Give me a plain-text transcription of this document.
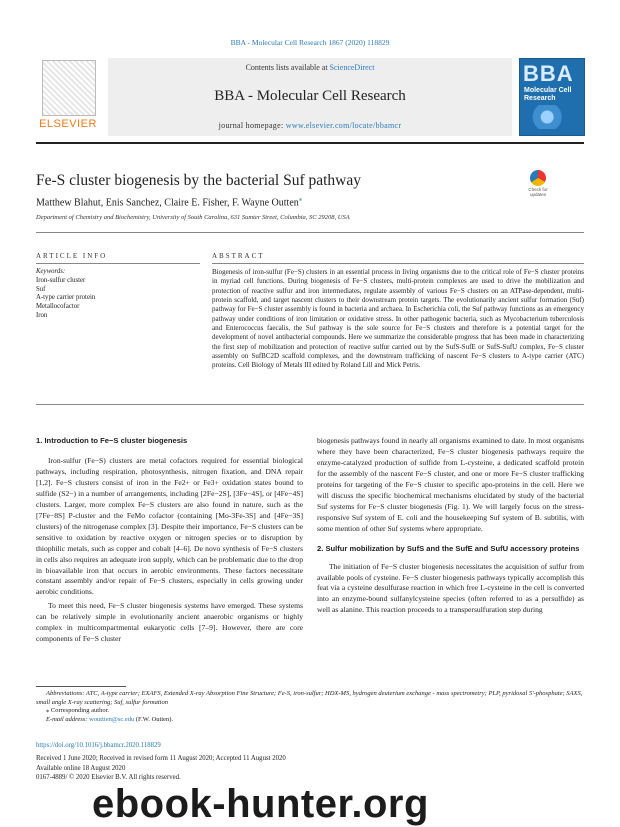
BBA - Molecular Cell Research 1867 (2020) 118829
ELSEVIER
Contents lists available at ScienceDirect
BBA - Molecular Cell Research
journal homepage: www.elsevier.com/locate/bbamcr
BBA
Molecular Cell Research
Fe-S cluster biogenesis by the bacterial Suf pathway
Check for updates
Matthew Blahut, Enis Sanchez, Claire E. Fisher, F. Wayne Outten⁎
Department of Chemistry and Biochemistry, University of South Carolina, 631 Sumter Street, Columbia, SC 29208, USA
ARTICLE INFO	ABSTRACT
Keywords:
Iron-sulfur cluster
Suf
A-type carrier protein
Metallocofactor
Iron
Biogenesis of iron-sulfur (Fe−S) clusters in an essential process in living organisms due to the critical role of Fe−S cluster proteins in myriad cell functions. During biogenesis of Fe−S clusters, multi-protein complexes are used to drive the mobilization and protection of reactive sulfur and iron intermediates, regulate assembly of various Fe−S clusters on an ATPase-dependent, multi-protein scaffold, and target nascent clusters to their downstream protein targets. The evolutionarily ancient sulfur formation (Suf) pathway for Fe−S cluster assembly is found in bacteria and archaea. In Escherichia coli, the Suf pathway functions as an emergency pathway under conditions of iron limitation or oxidative stress. In other pathogenic bacteria, such as Mycobacterium tuberculosis and Enterococcus faecalis, the Suf pathway is the sole source for Fe−S clusters and therefore is a potential target for the development of novel antibacterial compounds. Here we summarize the considerable progress that has been made in characterizing the first step of mobilization and protection of reactive sulfur carried out by the SufS-SufE or SufS-SufU complex, Fe−S cluster assembly on SufBC2D scaffold complexes, and the downstream trafficking of nascent Fe−S clusters to A-type carrier (ATC) proteins. Cell Biology of Metals III edited by Roland Lill and Mick Petris.
1. Introduction to Fe−S cluster biogenesis

Iron-sulfur (Fe−S) clusters are metal cofactors required for essential biological pathways, including respiration, photosynthesis, nitrogen fixation, and DNA repair [1,2]. Fe−S clusters consist of iron in the Fe2+ or Fe3+ oxidation states bound to sulfide (S2−) in a number of arrangements, including [2Fe−2S], [3Fe−4S], or [4Fe−4S] clusters. Larger, more complex Fe−S clusters are also found in nature, such as the [7Fe−8S] P-cluster and the FeMo cofactor (containing [Mo-3Fe-3S] and [4Fe−3S] clusters) of the nitrogenase complex [3]. Despite their importance, Fe−S clusters can be sensitive to oxidation by reactive oxygen or nitrogen species or to disruption by thiophilic metals, such as copper and cobalt [4–6]. De novo synthesis of Fe−S clusters in cells also requires an adequate iron supply, which can be problematic due to the drop in bioavailable iron that occurs in aerobic environments. These factors necessitate constant assembly and/or repair of Fe−S clusters, especially in cells growing under aerobic conditions.

To meet this need, Fe−S cluster biogenesis systems have emerged. These systems can be relatively simple in evolutionarily ancient anaerobic organisms or highly complex in multicompartmental eukaryotic cells [7–9]. However, there are core components of Fe−S cluster

biogenesis pathways found in nearly all organisms examined to date. In most organisms where they have been characterized, Fe−S cluster biogenesis pathways require the enzyme-catalyzed production of sulfide from L-cysteine, a dedicated scaffold protein for the assembly of the nascent Fe−S cluster, and one or more Fe−S cluster trafficking proteins for targeting of the Fe−S cluster to specific apo-proteins in the cell. Here we will discuss the specific biochemical mechanisms elucidated by study of the bacterial Suf systems for Fe−S cluster biogenesis (Fig. 1). We will largely focus on the stress-responsive Suf system of E. coli and the housekeeping Suf system of B. subtilis, with some mention of other Suf systems where appropriate.

2. Sulfur mobilization by SufS and the SufE and SufU accessory proteins

The initiation of Fe−S cluster biogenesis necessitates the acquisition of sulfur from available pools of cysteine. Fe−S cluster biogenesis pathways typically accomplish this feat via a cysteine desulfurase reaction in which free L-cysteine in the cell is converted into an enzyme-bound sulfanylcysteine species (often referred to as a persulfide) as well as alanine. This reaction proceeds to a transpersulfuration step during

Abbreviations: ATC, A-type carrier; EXAFS, Extended X-ray Absorption Fine Structure; Fe-S, iron-sulfur; HDX-MS, hydrogen deuterium exchange - mass spectrometry; PLP, pyridoxal 5′-phosphate; SAXS, small angle X-ray scattering; Suf, sulfur formation
⁎ Corresponding author.
E-mail address: wouttien@sc.edu (F.W. Outten).
https://doi.org/10.1016/j.bbamcr.2020.118829
Received 1 June 2020; Received in revised form 11 August 2020; Accepted 11 August 2020
Available online 18 August 2020
0167-4889/ © 2020 Elsevier B.V. All rights reserved.
ebook-hunter.org
